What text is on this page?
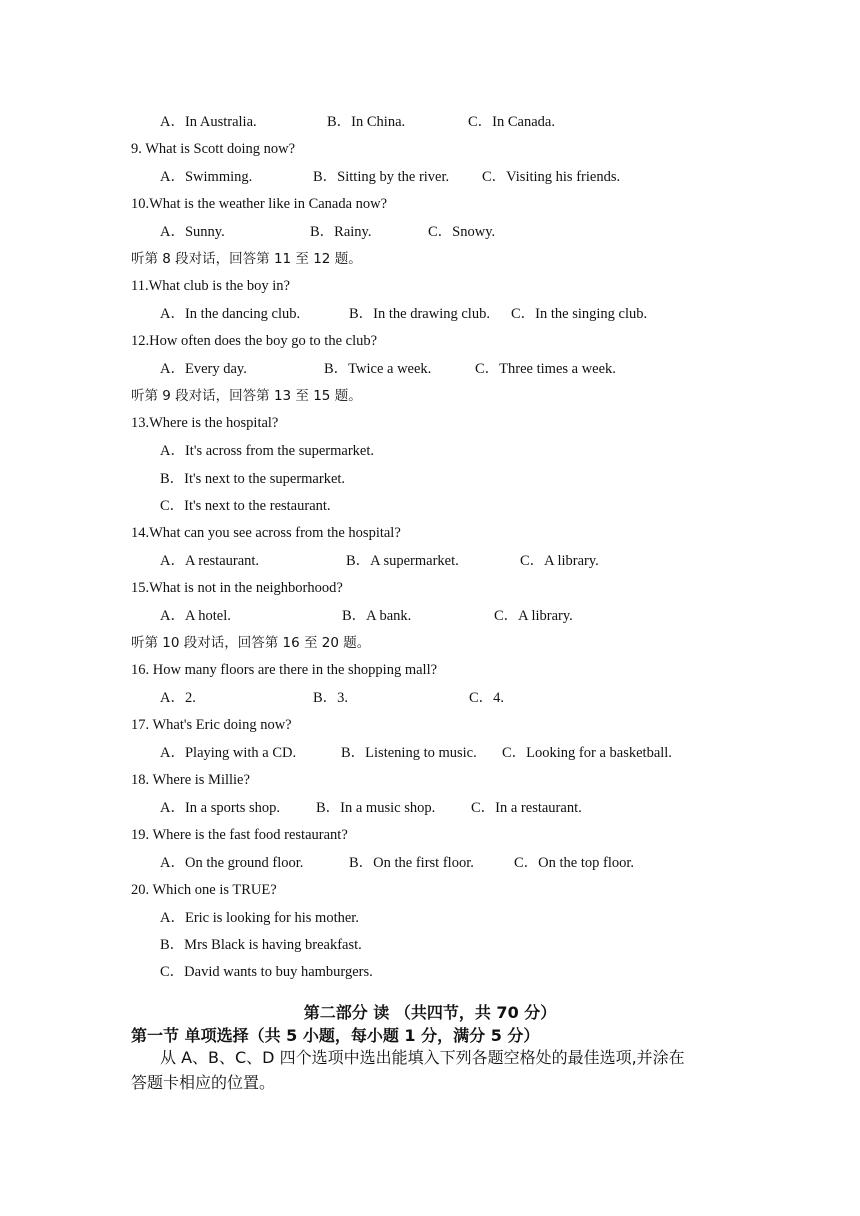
A．In Australia.	B．In China.	C．In Canada.
9. What is Scott doing now?
A．Swimming.	B．Sitting by the river. C．Visiting his friends.
10.What is the weather like in Canada now?
A．Sunny.	B．Rainy.	C．Snowy.
听第 8 段对话，回答第 11 至 12 题。
11.What club is the boy in?
A．In the dancing club.	B．In the drawing club. C．In the singing club.
12.How often does the boy go to the club?
A．Every day.	B．Twice a week.	C．Three times a week.
听第 9 段对话，回答第 13 至 15 题。
13.Where is the hospital?
A．It's across from the supermarket.
B．It's next to the supermarket.
C．It's next to the restaurant.
14.What can you see across from the hospital?
A．A restaurant.	B．A supermarket.	C．A library.
15.What is not in the neighborhood?
A．A hotel.	B．A bank.	C．A library.
听第 10 段对话，回答第 16 至 20 题。
16. How many floors are there in the shopping mall?
A．2.	B．3.	C．4.
17. What's Eric doing now?
A．Playing with a CD.	B．Listening to music. C．Looking for a basketball.
18. Where is Millie?
A．In a sports shop. B．In a music shop. C．In a restaurant.
19. Where is the fast food restaurant?
A．On the ground floor.	B．On the first floor.	C．On the top floor.
20. Which one is TRUE?
A．Eric is looking for his mother.
B．Mrs Black is having breakfast.
C．David wants to buy hamburgers.
第二部分 读 （共四节，共 70 分）
第一节 单项选择（共 5 小题，每小题 1 分，满分 5 分）
从 A、B、C、D 四个选项中选出能填入下列各题空格处的最佳选项,并涂在
答题卡相应的位置。
